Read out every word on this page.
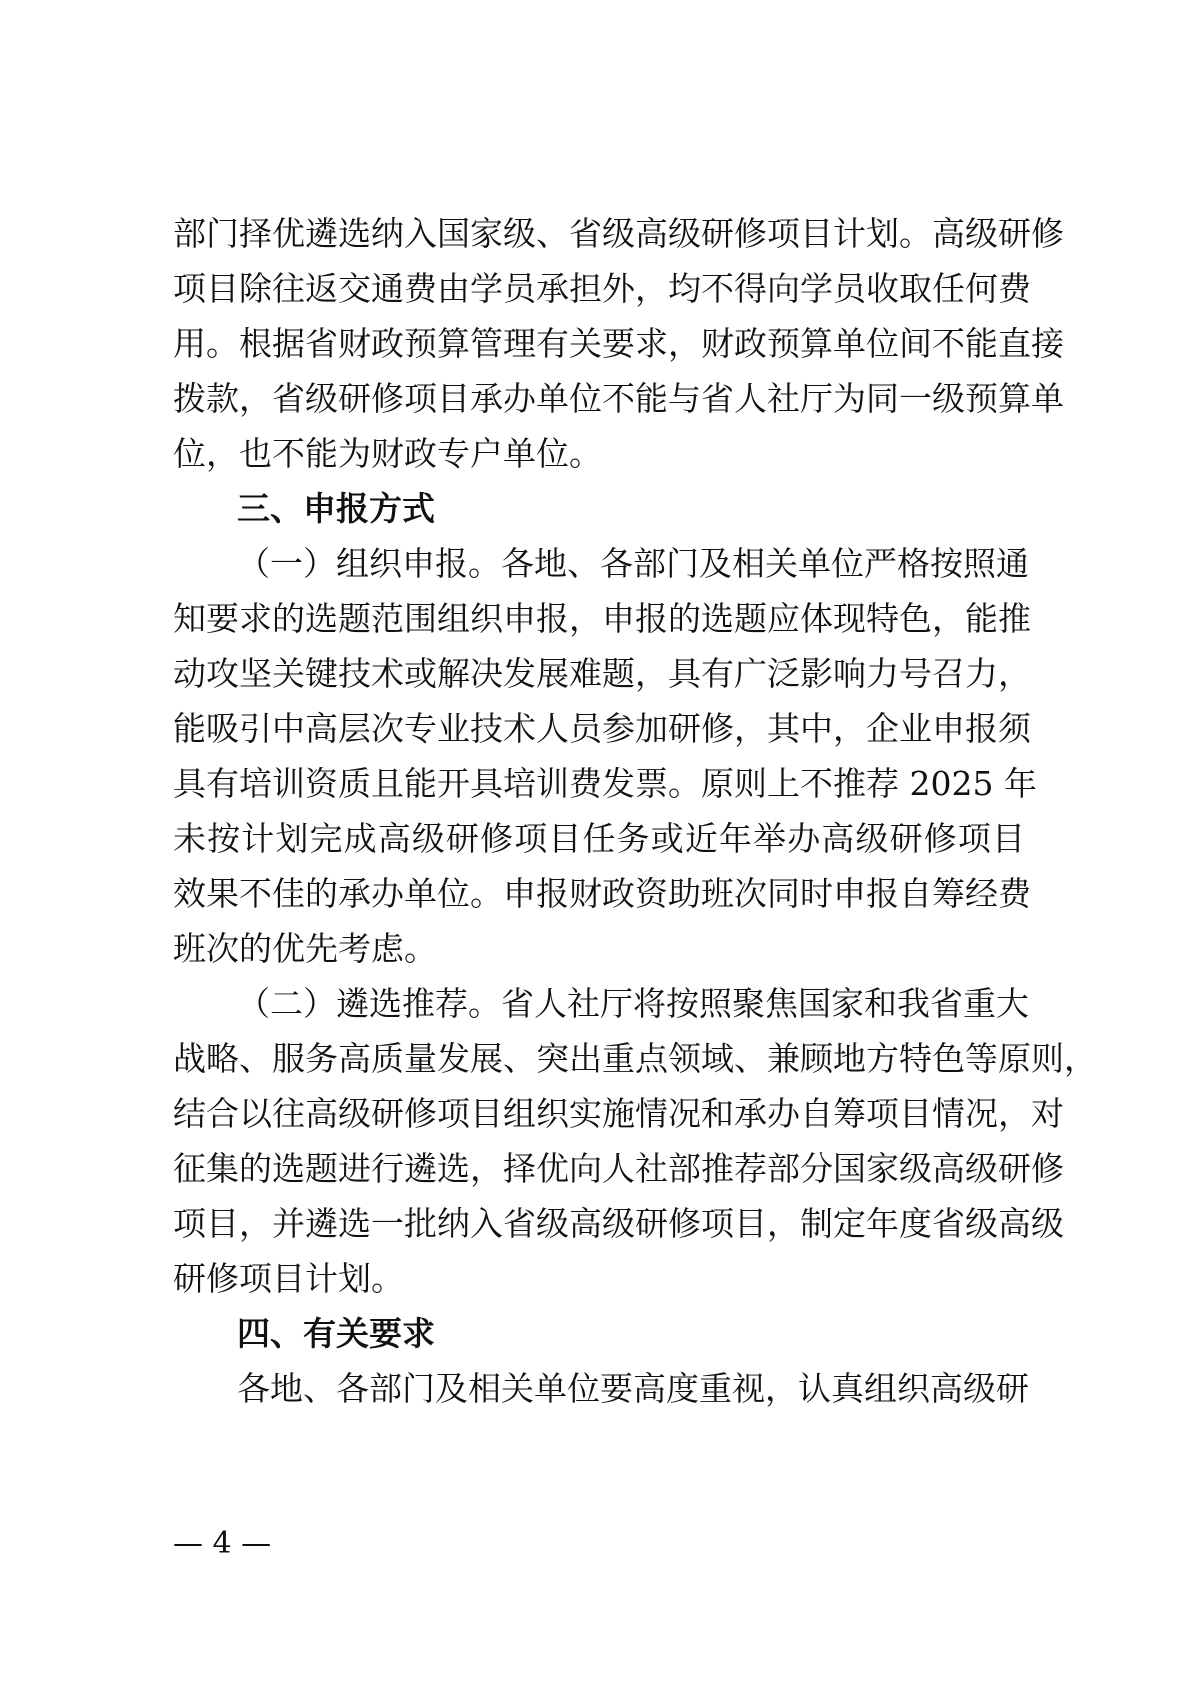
部门择优遴选纳入国家级、省级高级研修项目计划。高级研修
项目除往返交通费由学员承担外，均不得向学员收取任何费
用。根据省财政预算管理有关要求，财政预算单位间不能直接
拨款，省级研修项目承办单位不能与省人社厅为同一级预算单
位，也不能为财政专户单位。
三、申报方式
（一）组织申报。各地、各部门及相关单位严格按照通
知要求的选题范围组织申报，申报的选题应体现特色，能推
动攻坚关键技术或解决发展难题，具有广泛影响力号召力，
能吸引中高层次专业技术人员参加研修，其中，企业申报须
具有培训资质且能开具培训费发票。原则上不推荐 2025 年
未按计划完成高级研修项目任务或近年举办高级研修项目
效果不佳的承办单位。申报财政资助班次同时申报自筹经费
班次的优先考虑。
（二）遴选推荐。省人社厅将按照聚焦国家和我省重大
战略、服务高质量发展、突出重点领域、兼顾地方特色等原则，
结合以往高级研修项目组织实施情况和承办自筹项目情况，对
征集的选题进行遴选，择优向人社部推荐部分国家级高级研修
项目，并遴选一批纳入省级高级研修项目，制定年度省级高级
研修项目计划。
四、有关要求
各地、各部门及相关单位要高度重视，认真组织高级研
— 4 —
